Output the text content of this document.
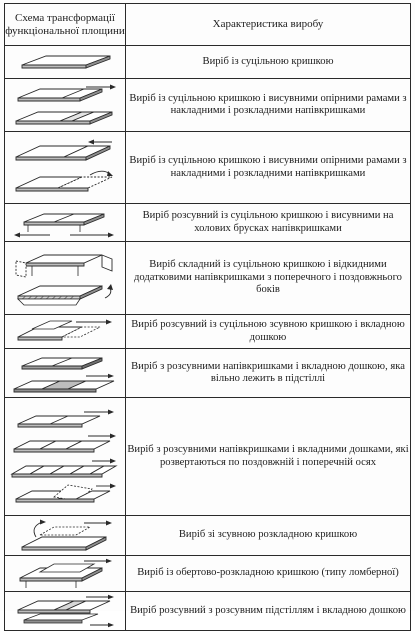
Схема трансформації функціональної площини	Характеристика виробу

	Виріб із суцільною кришкою

	Виріб із суцільною кришкою і висувними опірними рамами з накладними і розкладними напівкришками

	Виріб із суцільною кришкою і висувними опірними рамами з накладними і розкладними напівкришками

	Виріб розсувний із суцільною кришкою і висувними на холових брусках напівкришками

	Виріб складний із суцільною кришкою і відкидними додатковими напівкришками з поперечного і поздовжнього боків

	Виріб розсувний із суцільною зсувною кришкою і вкладною дошкою

	Виріб з розсувними напівкришками і вкладною дошкою, яка вільно лежить в підстіллі

	Виріб з розсувними напівкришками і вкладними дошками, які розвертаються по поздовжній і поперечній осях

	Виріб зі зсувною розкладною кришкою

	Виріб із обертово-розкладною кришкою (типу ломберної)

	Виріб розсувний з розсувним підстіллям і вкладною дошкою
